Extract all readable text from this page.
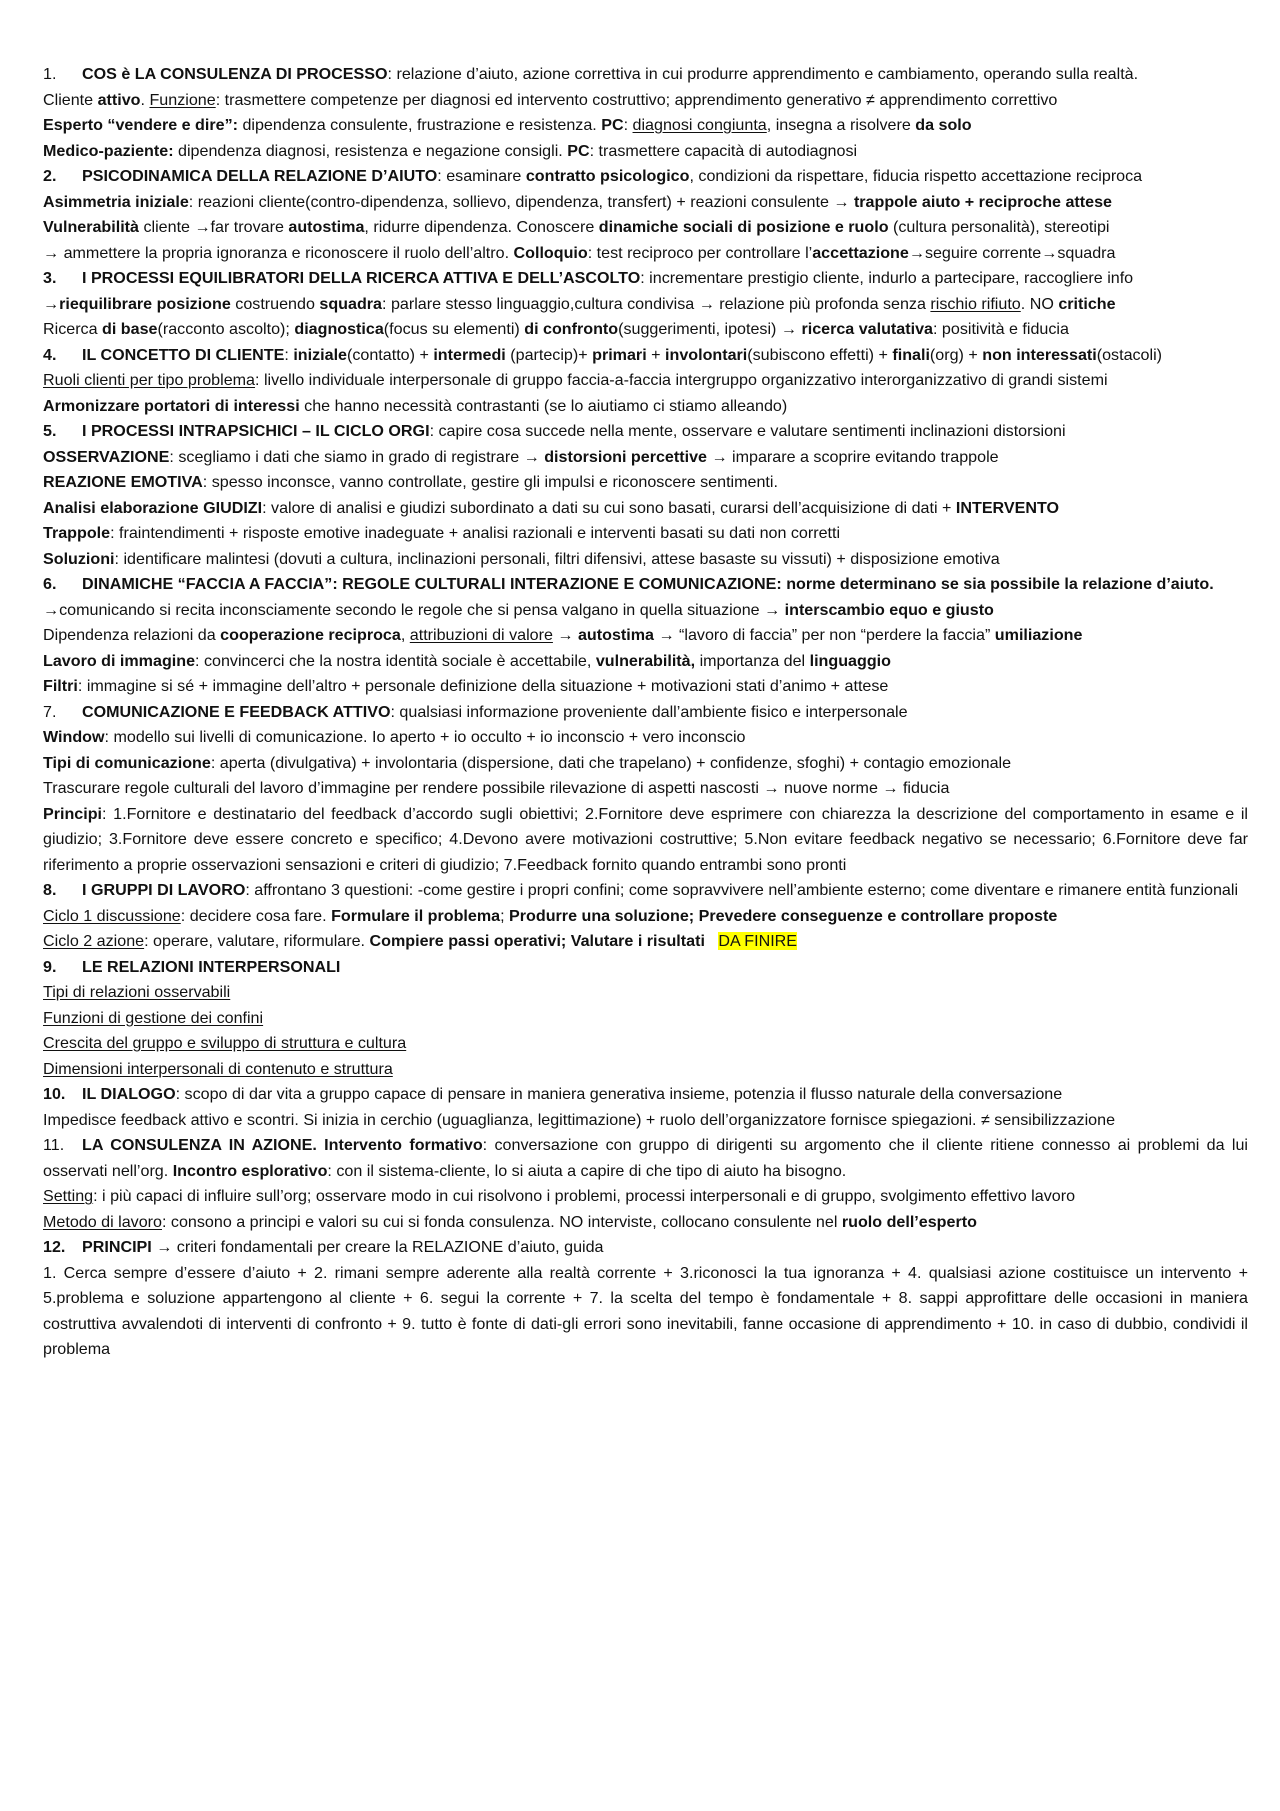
1. COS è LA CONSULENZA DI PROCESSO: relazione d’aiuto, azione correttiva in cui produrre apprendimento e cambiamento, operando sulla realtà.
Cliente attivo. Funzione: trasmettere competenze per diagnosi ed intervento costruttivo; apprendimento generativo ≠ apprendimento correttivo
Esperto “vendere e dire”: dipendenza consulente, frustrazione e resistenza. PC: diagnosi congiunta, insegna a risolvere da solo
Medico-paziente: dipendenza diagnosi, resistenza e negazione consigli. PC: trasmettere capacità di autodiagnosi
2. PSICODINAMICA DELLA RELAZIONE D’AIUTO: esaminare contratto psicologico, condizioni da rispettare, fiducia rispetto accettazione reciproca
Asimmetria iniziale: reazioni cliente(contro-dipendenza, sollievo, dipendenza, transfert) + reazioni consulente → trappole aiuto + reciproche attese
Vulnerabilità cliente →far trovare autostima, ridurre dipendenza. Conoscere dinamiche sociali di posizione e ruolo (cultura personalità), stereotipi
→ ammettere la propria ignoranza e riconoscere il ruolo dell’altro. Colloquio: test reciproco per controllare l’accettazione→seguire corrente→squadra
3. I PROCESSI EQUILIBRATORI DELLA RICERCA ATTIVA E DELL’ASCOLTO: incrementare prestigio cliente, indurlo a partecipare, raccogliere info
→riequilibrare posizione costruendo squadra: parlare stesso linguaggio,cultura condivisa → relazione più profonda senza rischio rifiuto. NO critiche
Ricerca di base(racconto ascolto); diagnostica(focus su elementi) di confronto(suggerimenti, ipotesi) → ricerca valutativa: positività e fiducia
4. IL CONCETTO DI CLIENTE: iniziale(contatto) + intermedi (partecip)+ primari + involontari(subiscono effetti) + finali(org) + non interessati(ostacoli)
Ruoli clienti per tipo problema: livello individuale interpersonale di gruppo faccia-a-faccia intergruppo organizzativo interorganizzativo di grandi sistemi
Armonizzare portatori di interessi che hanno necessità contrastanti (se lo aiutiamo ci stiamo alleando)
5. I PROCESSI INTRAPSICHICI – IL CICLO ORGI: capire cosa succede nella mente, osservare e valutare sentimenti inclinazioni distorsioni
OSSERVAZIONE: scegliamo i dati che siamo in grado di registrare → distorsioni percettive → imparare a scoprire evitando trappole
REAZIONE EMOTIVA: spesso inconsce, vanno controllate, gestire gli impulsi e riconoscere sentimenti.
Analisi elaborazione GIUDIZI: valore di analisi e giudizi subordinato a dati su cui sono basati, curarsi dell’acquisizione di dati + INTERVENTO
Trappole: fraintendimenti + risposte emotive inadeguate + analisi razionali e interventi basati su dati non corretti
Soluzioni: identificare malintesi (dovuti a cultura, inclinazioni personali, filtri difensivi, attese basaste su vissuti) + disposizione emotiva
6. DINAMICHE “FACCIA A FACCIA”: REGOLE CULTURALI INTERAZIONE E COMUNICAZIONE: norme determinano se sia possibile la relazione d’aiuto.
→comunicando si recita inconsciamente secondo le regole che si pensa valgano in quella situazione → interscambio equo e giusto
Dipendenza relazioni da cooperazione reciproca, attribuzioni di valore → autostima → “lavoro di faccia” per non “perdere la faccia” umiliazione
Lavoro di immagine: convincerci che la nostra identità sociale è accettabile, vulnerabilità, importanza del linguaggio
Filtri: immagine si sé + immagine dell’altro + personale definizione della situazione + motivazioni stati d’animo + attese
7. COMUNICAZIONE E FEEDBACK ATTIVO: qualsiasi informazione proveniente dall’ambiente fisico e interpersonale
Window: modello sui livelli di comunicazione. Io aperto + io occulto + io inconscio + vero inconscio
Tipi di comunicazione: aperta (divulgativa) + involontaria (dispersione, dati che trapelano) + confidenze, sfoghi) + contagio emozionale
Trascurare regole culturali del lavoro d’immagine per rendere possibile rilevazione di aspetti nascosti → nuove norme → fiducia
Principi: 1.Fornitore e destinatario del feedback d’accordo sugli obiettivi; 2.Fornitore deve esprimere con chiarezza la descrizione del comportamento in esame e il giudizio; 3.Fornitore deve essere concreto e specifico; 4.Devono avere motivazioni costruttive; 5.Non evitare feedback negativo se necessario; 6.Fornitore deve far riferimento a proprie osservazioni sensazioni e criteri di giudizio; 7.Feedback fornito quando entrambi sono pronti
8. I GRUPPI DI LAVORO: affrontano 3 questioni: -come gestire i propri confini; come sopravvivere nell’ambiente esterno; come diventare e rimanere entità funzionali
Ciclo 1 discussione: decidere cosa fare. Formulare il problema; Produrre una soluzione; Prevedere conseguenze e controllare proposte
Ciclo 2 azione: operare, valutare, riformulare. Compiere passi operativi; Valutare i risultati DA FINIRE
9. LE RELAZIONI INTERPERSONALI
Tipi di relazioni osservabili
Funzioni di gestione dei confini
Crescita del gruppo e sviluppo di struttura e cultura
Dimensioni interpersonali di contenuto e struttura
10. IL DIALOGO: scopo di dar vita a gruppo capace di pensare in maniera generativa insieme, potenzia il flusso naturale della conversazione
Impedisce feedback attivo e scontri. Si inizia in cerchio (uguaglianza, legittimazione) + ruolo dell’organizzatore fornisce spiegazioni. ≠ sensibilizzazione
11. LA CONSULENZA IN AZIONE. Intervento formativo: conversazione con gruppo di dirigenti su argomento che il cliente ritiene connesso ai problemi da lui osservati nell’org. Incontro esplorativo: con il sistema-cliente, lo si aiuta a capire di che tipo di aiuto ha bisogno.
Setting: i più capaci di influire sull’org; osservare modo in cui risolvono i problemi, processi interpersonali e di gruppo, svolgimento effettivo lavoro
Metodo di lavoro: consono a principi e valori su cui si fonda consulenza. NO interviste, collocano consulente nel ruolo dell’esperto
12. PRINCIPI → criteri fondamentali per creare la RELAZIONE d’aiuto, guida
1. Cerca sempre d’essere d’aiuto + 2. rimani sempre aderente alla realtà corrente + 3.riconosci la tua ignoranza + 4. qualsiasi azione costituisce un intervento + 5.problema e soluzione appartengono al cliente + 6. segui la corrente + 7. la scelta del tempo è fondamentale + 8. sappi approfittare delle occasioni in maniera costruttiva avvalendoti di interventi di confronto + 9. tutto è fonte di dati-gli errori sono inevitabili, fanne occasione di apprendimento + 10. in caso di dubbio, condividi il problema
